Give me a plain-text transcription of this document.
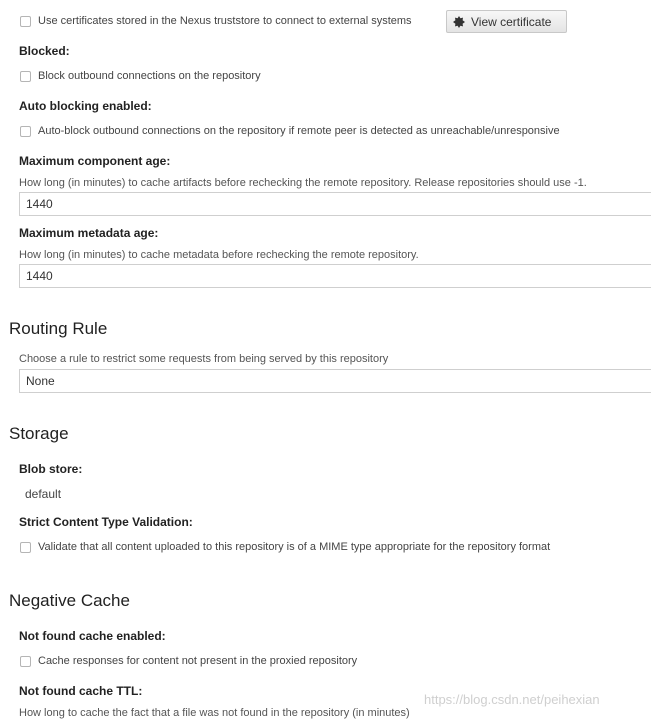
Use certificates stored in the Nexus truststore to connect to external systems	View certificate
Blocked:
Block outbound connections on the repository
Auto blocking enabled:
Auto-block outbound connections on the repository if remote peer is detected as unreachable/unresponsive
Maximum component age:
How long (in minutes) to cache artifacts before rechecking the remote repository. Release repositories should use -1.
1440
Maximum metadata age:
How long (in minutes) to cache metadata before rechecking the remote repository.
1440
Routing Rule
Choose a rule to restrict some requests from being served by this repository
None
Storage
Blob store:
default
Strict Content Type Validation:
Validate that all content uploaded to this repository is of a MIME type appropriate for the repository format
Negative Cache
Not found cache enabled:
Cache responses for content not present in the proxied repository
Not found cache TTL:
How long to cache the fact that a file was not found in the repository (in minutes)
https://blog.csdn.net/peihexian
